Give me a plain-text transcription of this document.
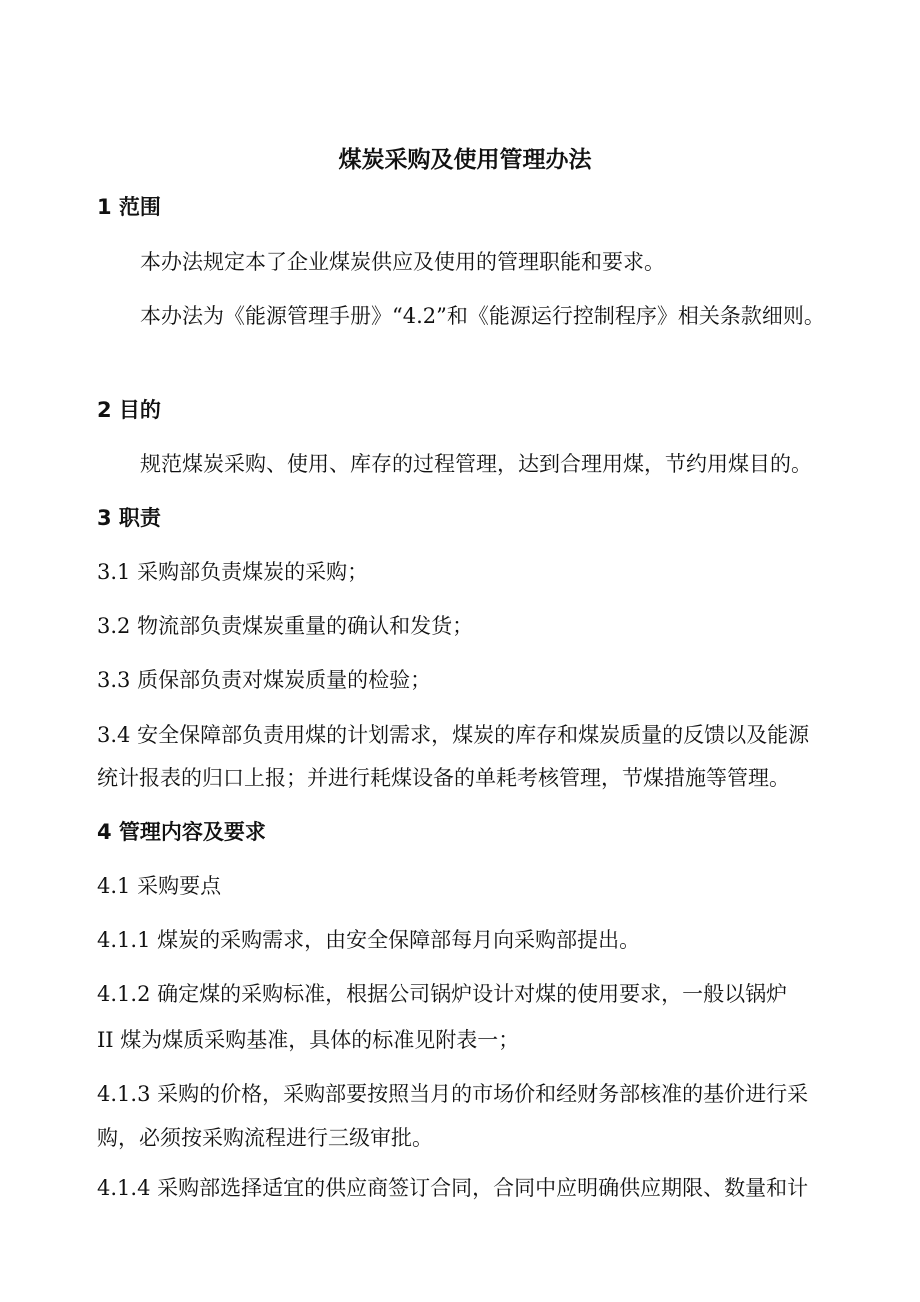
煤炭采购及使用管理办法
1 范围
本办法规定本了企业煤炭供应及使用的管理职能和要求。
本办法为《能源管理手册》“4.2”和《能源运行控制程序》相关条款细则。
2 目的
规范煤炭采购、使用、库存的过程管理，达到合理用煤，节约用煤目的。
3 职责
3.1 采购部负责煤炭的采购；
3.2 物流部负责煤炭重量的确认和发货；
3.3 质保部负责对煤炭质量的检验；
3.4 安全保障部负责用煤的计划需求，煤炭的库存和煤炭质量的反馈以及能源
统计报表的归口上报；并进行耗煤设备的单耗考核管理，节煤措施等管理。
4 管理内容及要求
4.1 采购要点
4.1.1 煤炭的采购需求，由安全保障部每月向采购部提出。
4.1.2 确定煤的采购标准，根据公司锅炉设计对煤的使用要求，一般以锅炉
II 煤为煤质采购基准，具体的标准见附表一；
4.1.3 采购的价格，采购部要按照当月的市场价和经财务部核准的基价进行采
购，必须按采购流程进行三级审批。
4.1.4 采购部选择适宜的供应商签订合同，合同中应明确供应期限、数量和计
